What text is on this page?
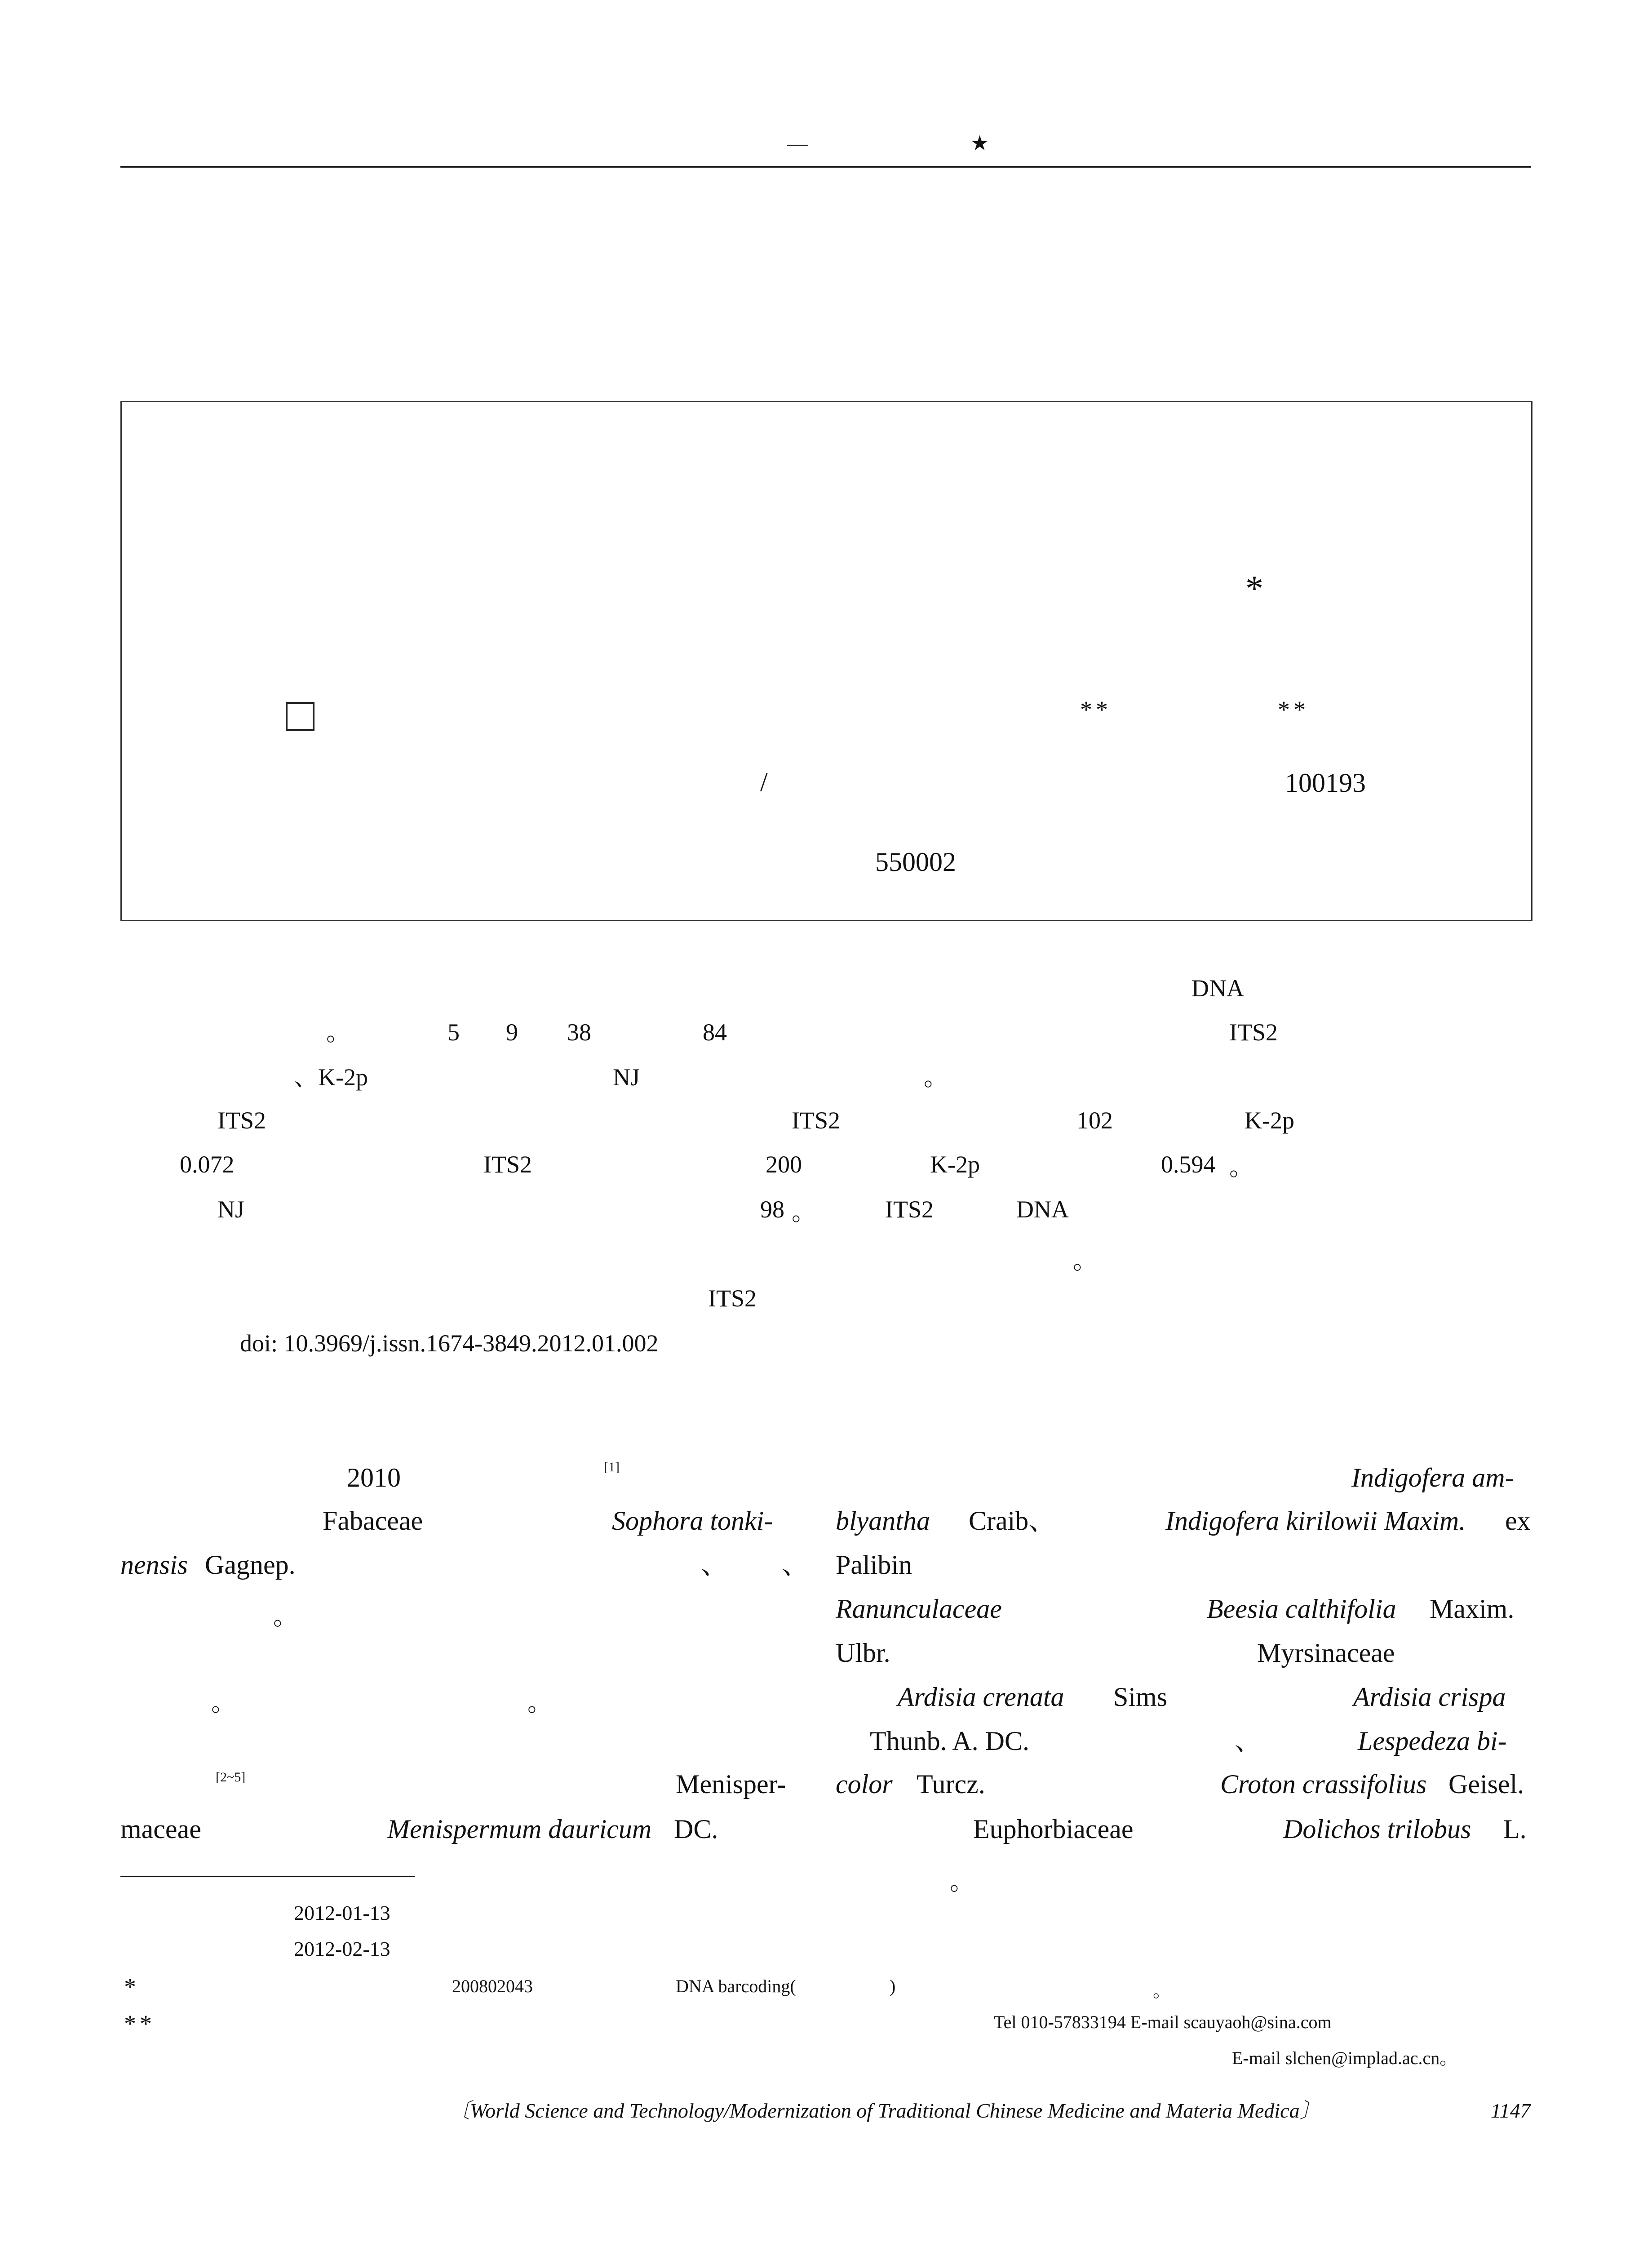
—	★
*
**	**
/	100193
550002
DNA
。	5 9 38	84	ITS2
、K-2p	NJ	。
ITS2	ITS2	102	K-2p
0.072	ITS2	200	K-2p	0.594 。
NJ	98 。	ITS2	DNA
。
ITS2
doi: 10.3969/j.issn.1674-3849.2012.01.002
2010	[1]
Fabaceae	Sophora tonki-
nensis Gagnep.	、 、
。
。	。
[2~5]	Menisper-
maceae	Menispermum dauricum DC.
Indigofera am-
blyantha Craib、	Indigofera kirilowii Maxim. ex
Palibin
Ranunculaceae	Beesia calthifolia Maxim.
Ulbr.	Myrsinaceae
Ardisia crenata Sims	Ardisia crispa
Thunb. A. DC.	、	Lespedeza bi-
color Turcz.	Croton crassifolius Geisel.
Euphorbiaceae	Dolichos trilobus L.
。
2012-01-13
2012-02-13
*	200802043	DNA barcoding(	)	。
**	Tel 010-57833194 E-mail scauyaoh@sina.com
E-mail slchen@implad.ac.cn。
〔World Science and Technology/Modernization of Traditional Chinese Medicine and Materia Medica〕	1147
